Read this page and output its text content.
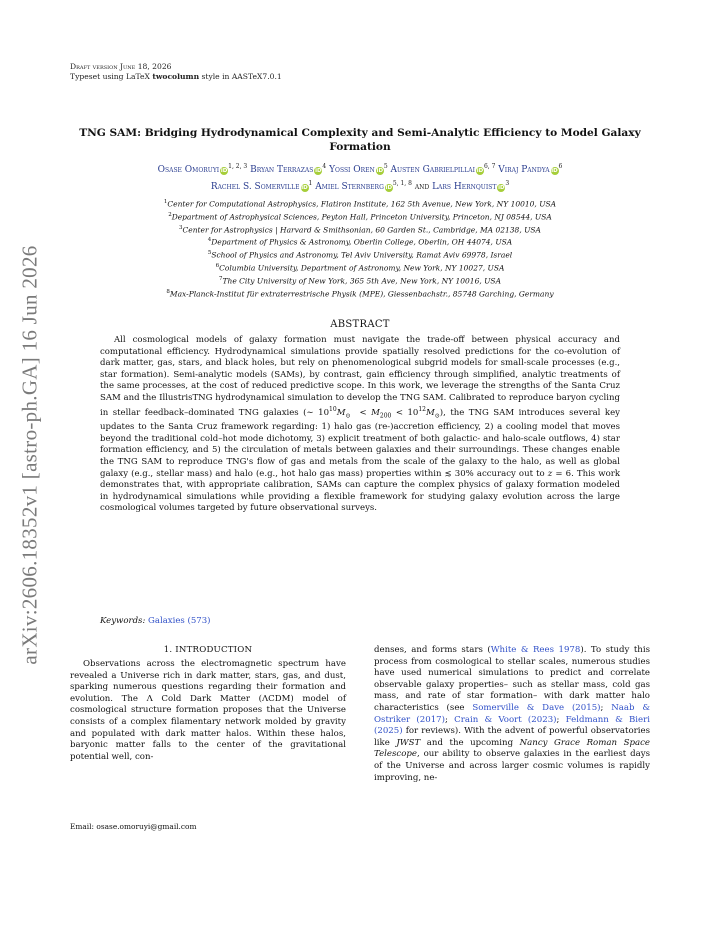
Draft version June 18, 2026
Typeset using LaTeX twocolumn style in AASTeX7.0.1
arXiv:2606.18352v1 [astro-ph.GA] 16 Jun 2026
TNG SAM: Bridging Hydrodynamical Complexity and Semi-Analytic Efficiency to Model Galaxy Formation
Osase Omoruyi iD$^{1, 2, 3}$ Bryan Terrazas $iD^4$ Yossi Oren $iD^5$ Austen Gabrielpillai iD$^{6, 7}$ Viraj Pandya $iD^6$
Rachel S. Somerville $iD^1$ Amiel Sternberg iD$^{5, 1, 8}$ and Lars Hernquist $iD^3$
$^1$Center for Computational Astrophysics, Flatiron Institute, 162 5th Avenue, New York, NY 10010, USA
$^2$Department of Astrophysical Sciences, Peyton Hall, Princeton University, Princeton, NJ 08544, USA
$^3$Center for Astrophysics | Harvard & Smithsonian, 60 Garden St., Cambridge, MA 02138, USA
$^4$Department of Physics & Astronomy, Oberlin College, Oberlin, OH 44074, USA
$^5$School of Physics and Astronomy, Tel Aviv University, Ramat Aviv 69978, Israel
$^6$Columbia University, Department of Astronomy, New York, NY 10027, USA
$^7$The City University of New York, 365 5th Ave, New York, NY 10016, USA
$^8$Max-Planck-Institut für extraterrestrische Physik (MPE), Giessenbachstr., 85748 Garching, Germany
ABSTRACT
All cosmological models of galaxy formation must navigate the trade-off between physical accuracy and computational efficiency. Hydrodynamical simulations provide spatially resolved predictions for the co-evolution of dark matter, gas, stars, and black holes, but rely on phenomenological subgrid models for small-scale processes (e.g., star formation). Semi-analytic models (SAMs), by contrast, gain efficiency through simplified, analytic treatments of the same processes, at the cost of reduced predictive scope. In this work, we leverage the strengths of the Santa Cruz SAM and the IllustrisTNG hydrodynamical simulation to develop the TNG SAM. Calibrated to reproduce baryon cycling in stellar feedback–dominated TNG galaxies (∼ $10^{10}M_⊙ < M_{200} < 10^{12}M_⊙$), the TNG SAM introduces several key updates to the Santa Cruz framework regarding: 1) halo gas (re-)accretion efficiency, 2) a cooling model that moves beyond the traditional cold–hot mode dichotomy, 3) explicit treatment of both galactic- and halo-scale outflows, 4) star formation efficiency, and 5) the circulation of metals between galaxies and their surroundings. These changes enable the TNG SAM to reproduce TNG's flow of gas and metals from the scale of the galaxy to the halo, as well as global galaxy (e.g., stellar mass) and halo (e.g., hot halo gas mass) properties within ≲ 30% accuracy out to z = 6. This work demonstrates that, with appropriate calibration, SAMs can capture the complex physics of galaxy formation modeled in hydrodynamical simulations while providing a flexible framework for studying galaxy evolution across the large cosmological volumes targeted by future observational surveys.
Keywords: Galaxies (573)
1. INTRODUCTION
Observations across the electromagnetic spectrum have revealed a Universe rich in dark matter, stars, gas, and dust, sparking numerous questions regarding their formation and evolution. The Λ Cold Dark Matter (ΛCDM) model of cosmological structure formation proposes that the Universe consists of a complex filamentary network molded by gravity and populated with dark matter halos. Within these halos, baryonic matter falls to the center of the gravitational potential well, con-
denses, and forms stars (White & Rees 1978). To study this process from cosmological to stellar scales, numerous studies have used numerical simulations to predict and correlate observable galaxy properties– such as stellar mass, cold gas mass, and rate of star formation– with dark matter halo characteristics (see Somerville & Dave (2015); Naab & Ostriker (2017); Crain & Voort (2023); Feldmann & Bieri (2025) for reviews). With the advent of powerful observatories like JWST and the upcoming Nancy Grace Roman Space Telescope, our ability to observe galaxies in the earliest days of the Universe and across larger cosmic volumes is rapidly improving, ne-
Email: osase.omoruyi@gmail.com
